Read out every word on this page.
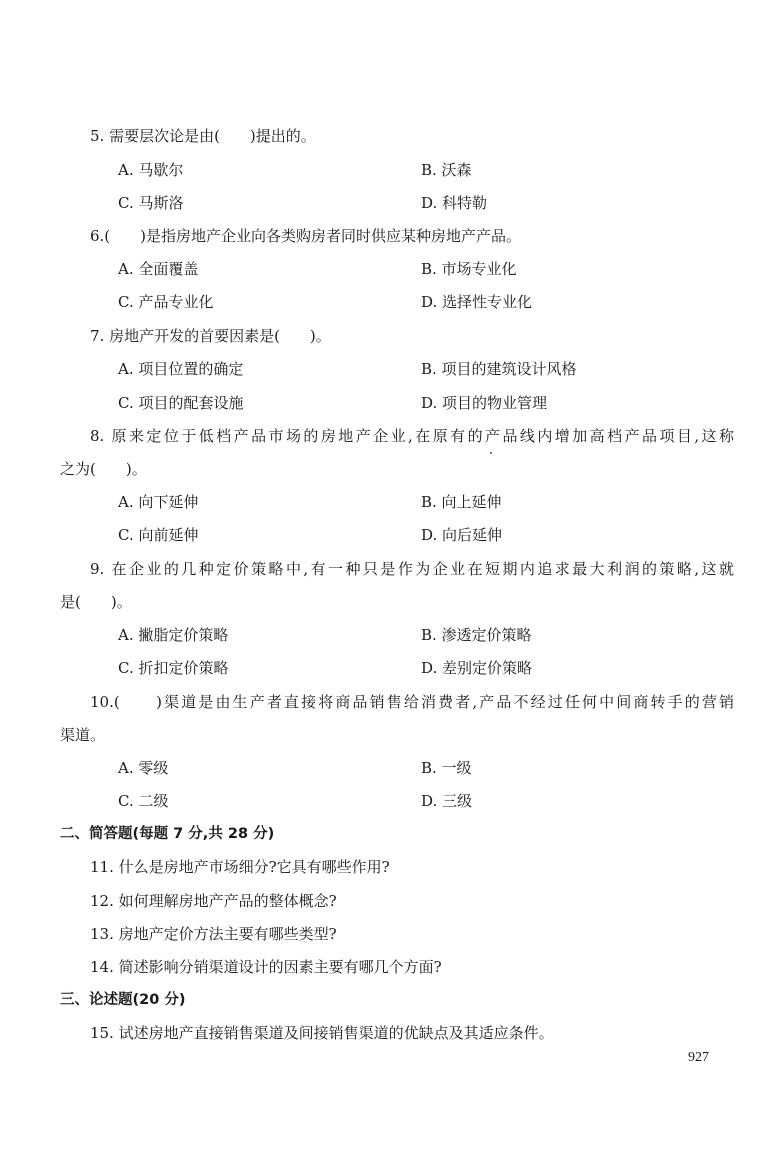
5. 需要层次论是由(　　)提出的。
A. 马歇尔	B. 沃森
C. 马斯洛	D. 科特勒
6.(　　)是指房地产企业向各类购房者同时供应某种房地产产品。
A. 全面覆盖	B. 市场专业化
C. 产品专业化	D. 选择性专业化
7. 房地产开发的首要因素是(　　)。
A. 项目位置的确定	B. 项目的建筑设计风格
C. 项目的配套设施	D. 项目的物业管理
8. 原来定位于低档产品市场的房地产企业,在原有的产品线内增加高档产品项目,这称
之为(　　)。
A. 向下延伸	B. 向上延伸
C. 向前延伸	D. 向后延伸
9. 在企业的几种定价策略中,有一种只是作为企业在短期内追求最大利润的策略,这就
是(　　)。
A. 撇脂定价策略	B. 渗透定价策略
C. 折扣定价策略	D. 差别定价策略
10.(　　)渠道是由生产者直接将商品销售给消费者,产品不经过任何中间商转手的营销
渠道。
A. 零级	B. 一级
C. 二级	D. 三级
二、简答题(每题 7 分,共 28 分)
11. 什么是房地产市场细分?它具有哪些作用?
12. 如何理解房地产产品的整体概念?
13. 房地产定价方法主要有哪些类型?
14. 简述影响分销渠道设计的因素主要有哪几个方面?
三、论述题(20 分)
15. 试述房地产直接销售渠道及间接销售渠道的优缺点及其适应条件。
927
